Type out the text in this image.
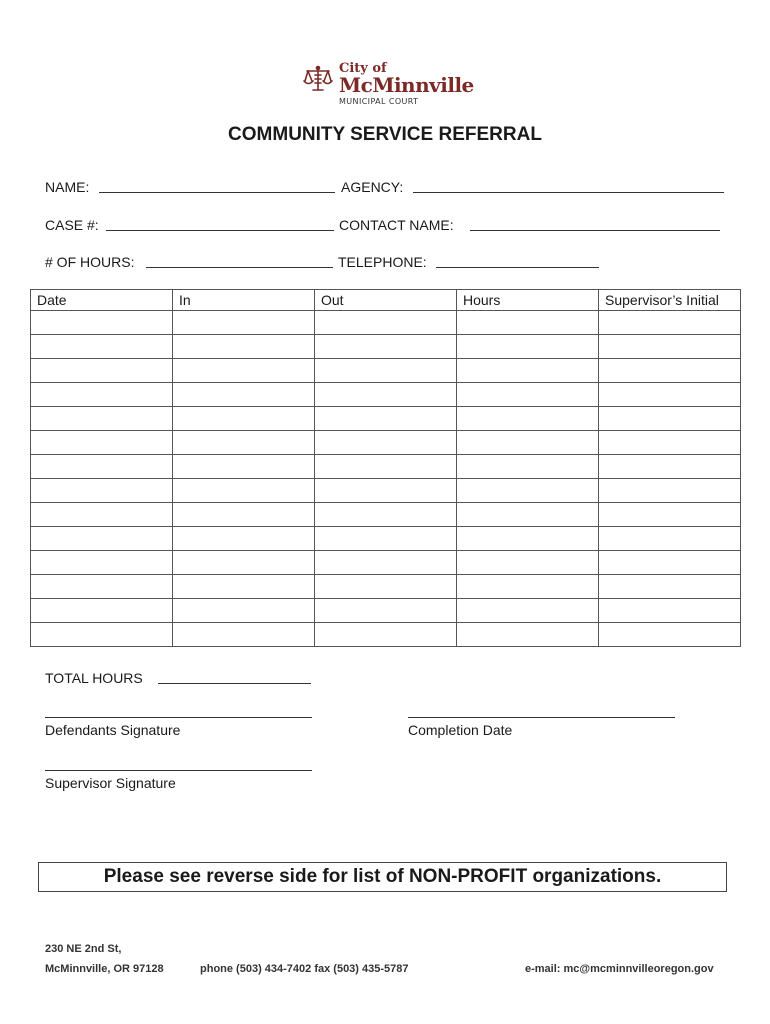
City of
McMinnville
MUNICIPAL COURT
COMMUNITY SERVICE REFERRAL
NAME:	AGENCY:
CASE #:	CONTACT NAME:
# OF HOURS:	TELEPHONE:
Date	In	Out	Hours	Supervisor’s Initial

TOTAL HOURS
Defendants Signature	Completion Date
Supervisor Signature
Please see reverse side for list of NON-PROFIT organizations.
230 NE 2nd St,
McMinnville, OR 97128	phone (503) 434-7402 fax (503) 435-5787	e-mail: mc@mcminnvilleoregon.gov
